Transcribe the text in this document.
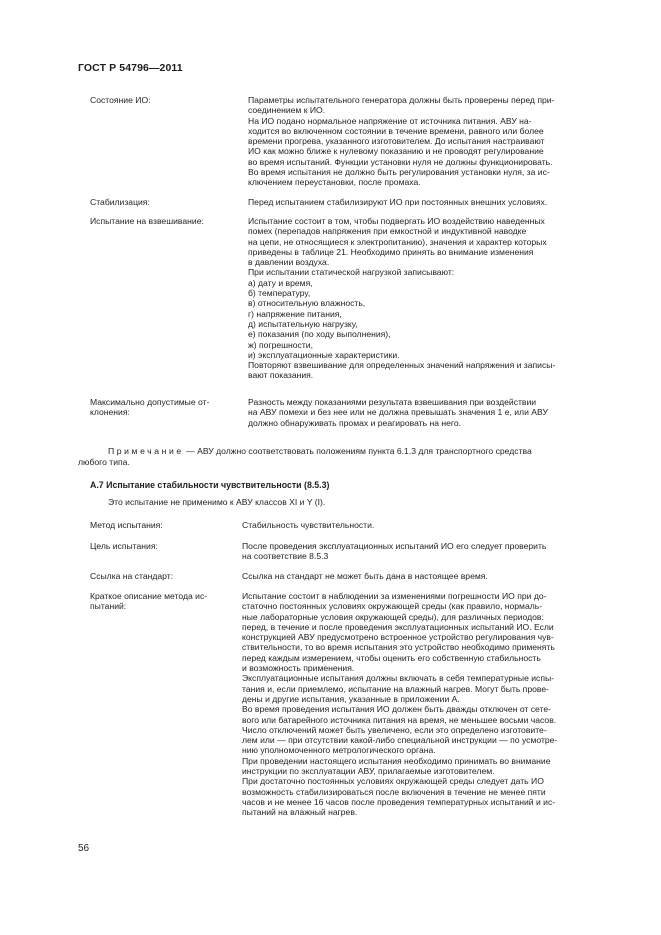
ГОСТ Р 54796—2011
Состояние ИО:	Параметры испытательного генератора должны быть проверены перед при-
соединением к ИО.
На ИО подано нормальное напряжение от источника питания. АВУ на-
ходится во включенном состоянии в течение времени, равного или более
времени прогрева, указанного изготовителем. До испытания настраивают
ИО как можно ближе к нулевому показанию и не проводят регулирование
во время испытаний. Функции установки нуля не должны функционировать.
Во время испытания не должно быть регулирования установки нуля, за ис-
ключением переустановки, после промаха.
Стабилизация:	Перед испытанием стабилизируют ИО при постоянных внешних условиях.
Испытание на взвешивание:	Испытание состоит в том, чтобы подвергать ИО воздействию наведенных
помех (перепадов напряжения при емкостной и индуктивной наводке
на цепи, не относящиеся к электропитанию), значения и характер которых
приведены в таблице 21. Необходимо принять во внимание изменения
в давлении воздуха.
При испытании статической нагрузкой записывают:
а) дату и время,
б) температуру,
в) относительную влажность,
г) напряжение питания,
д) испытательную нагрузку,
е) показания (по ходу выполнения),
ж) погрешности,
и) эксплуатационные характеристики.
Повторяют взвешивание для определенных значений напряжения и записы-
вают показания.
Максимально допустимые от-
клонения:
Разность между показаниями результата взвешивания при воздействии
на АВУ помехи и без нее или не должна превышать значения 1 е, или АВУ
должно обнаруживать промах и реагировать на него.
Примечание — АВУ должно соответствовать положениям пункта 6.1.3 для транспортного средства
любого типа.
А.7 Испытание стабильности чувствительности (8.5.3)
Это испытание не применимо к АВУ классов XI и Y (I).
Метод испытания:	Стабильность чувствительности.
Цель испытания:	После проведения эксплуатационных испытаний ИО его следует проверить
на соответствие 8.5.3
Ссылка на стандарт:	Ссылка на стандарт не может быть дана в настоящее время.
Краткое описание метода ис-
пытаний:
Испытание состоит в наблюдении за изменениями погрешности ИО при до-
статочно постоянных условиях окружающей среды (как правило, нормаль-
ные лабораторные условия окружающей среды), для различных периодов:
перед, в течение и после проведения эксплуатационных испытаний ИО. Если
конструкцией АВУ предусмотрено встроенное устройство регулирования чув-
ствительности, то во время испытания это устройство необходимо применять
перед каждым измерением, чтобы оценить его собственную стабильность
и возможность применения.
Эксплуатационные испытания должны включать в себя температурные испы-
тания и, если приемлемо, испытание на влажный нагрев. Могут быть прове-
дены и другие испытания, указанные в приложении А.
Во время проведения испытания ИО должен быть дважды отключен от сете-
вого или батарейного источника питания на время, не меньшее восьми часов.
Число отключений может быть увеличено, если это определено изготовите-
лем или — при отсутствии какой-либо специальной инструкции — по усмотре-
нию уполномоченного метрологического органа.
При проведении настоящего испытания необходимо принимать во внимание
инструкции по эксплуатации АВУ, прилагаемые изготовителем.
При достаточно постоянных условиях окружающей среды следует дать ИО
возможность стабилизироваться после включения в течение не менее пяти
часов и не менее 16 часов после проведения температурных испытаний и ис-
пытаний на влажный нагрев.
56
